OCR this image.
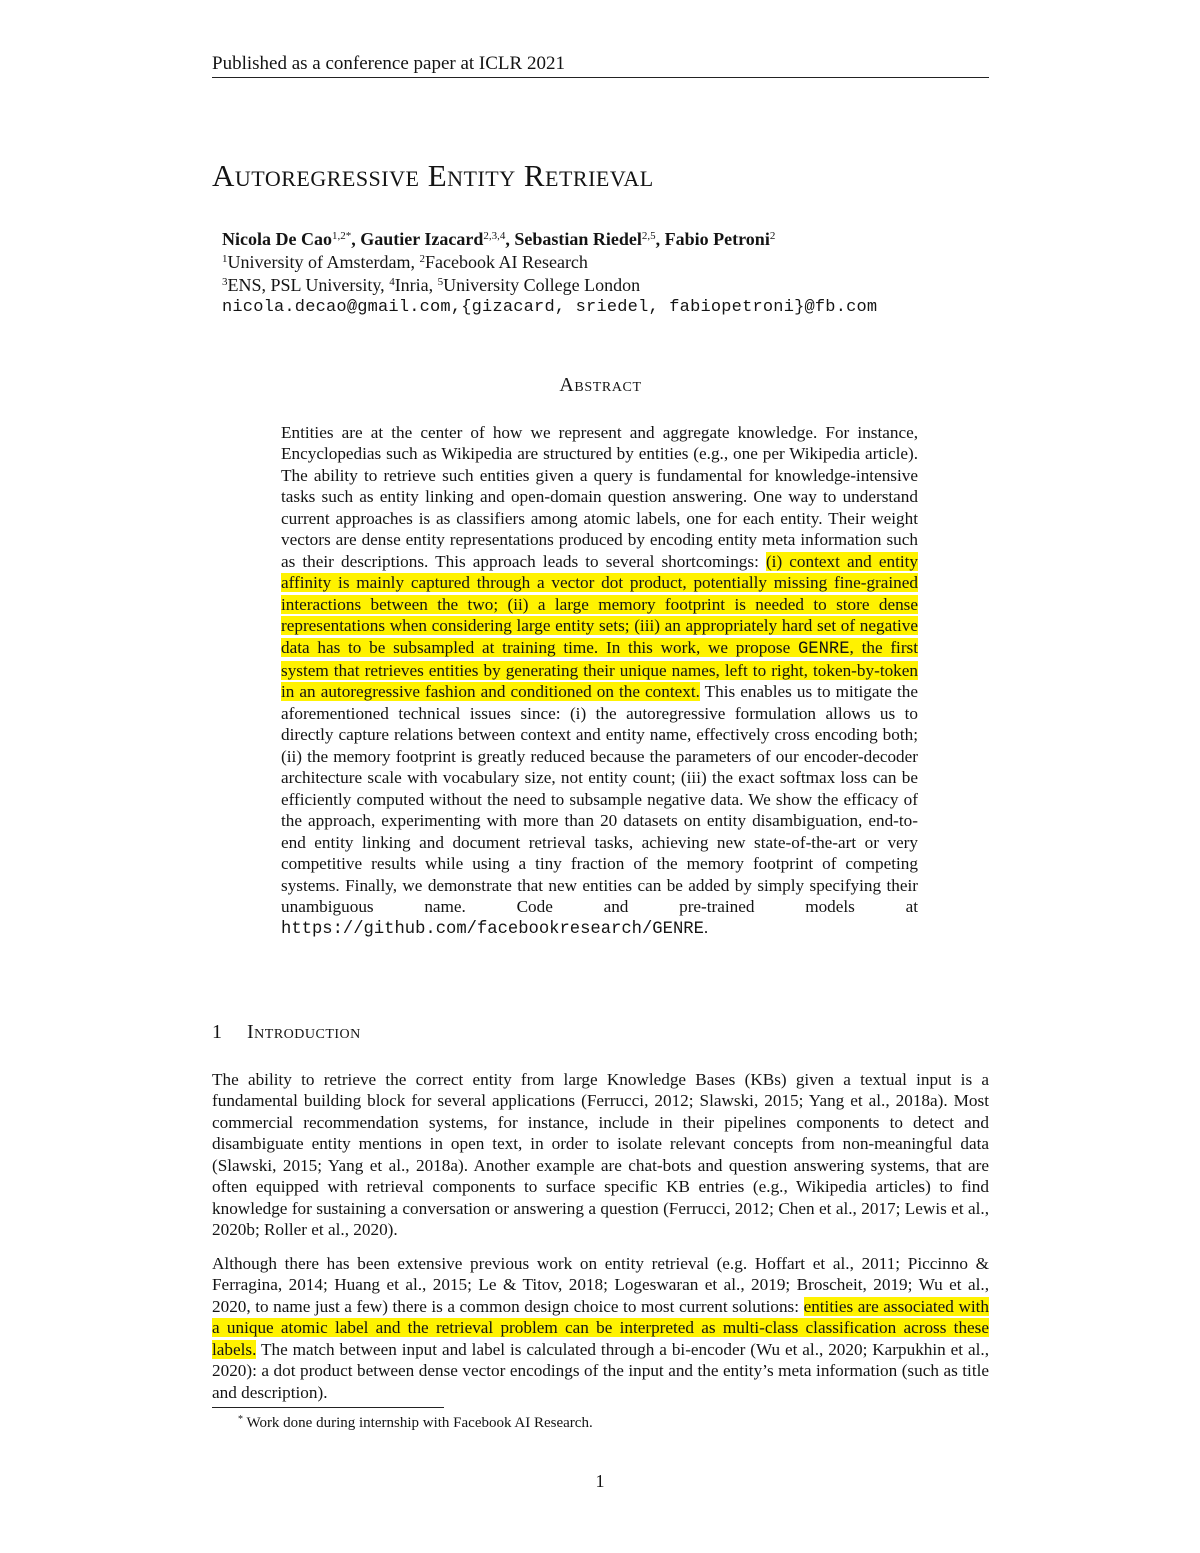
Published as a conference paper at ICLR 2021
Autoregressive Entity Retrieval
Nicola De Cao$^{1,2*}$, Gautier Izacard$^{2,3,4}$, Sebastian Riedel$^{2,5}$, Fabio Petroni$^2$
$^1$University of Amsterdam, $^2$Facebook AI Research
$^3$ENS, PSL University, $^4$Inria, $^5$University College London
nicola.decao@gmail.com,{gizacard, sriedel, fabiopetroni}@fb.com
Abstract
Entities are at the center of how we represent and aggregate knowledge. For instance, Encyclopedias such as Wikipedia are structured by entities (e.g., one per Wikipedia article). The ability to retrieve such entities given a query is fundamental for knowledge-intensive tasks such as entity linking and open-domain question answering. One way to understand current approaches is as classifiers among atomic labels, one for each entity. Their weight vectors are dense entity representations produced by encoding entity meta information such as their descriptions. This approach leads to several shortcomings: (i) context and entity affinity is mainly captured through a vector dot product, potentially missing fine-grained interactions between the two; (ii) a large memory footprint is needed to store dense representations when considering large entity sets; (iii) an appropriately hard set of negative data has to be subsampled at training time. In this work, we propose GENRE, the first system that retrieves entities by generating their unique names, left to right, token-by-token in an autoregressive fashion and conditioned on the context. This enables us to mitigate the aforementioned technical issues since: (i) the autoregressive formulation allows us to directly capture relations between context and entity name, effectively cross encoding both; (ii) the memory footprint is greatly reduced because the parameters of our encoder-decoder architecture scale with vocabulary size, not entity count; (iii) the exact softmax loss can be efficiently computed without the need to subsample negative data. We show the efficacy of the approach, experimenting with more than 20 datasets on entity disambiguation, end-to-end entity linking and document retrieval tasks, achieving new state-of-the-art or very competitive results while using a tiny fraction of the memory footprint of competing systems. Finally, we demonstrate that new entities can be added by simply specifying their unambiguous name. Code and pre-trained models at https://github.com/facebookresearch/GENRE.
1 Introduction
The ability to retrieve the correct entity from large Knowledge Bases (KBs) given a textual input is a fundamental building block for several applications (Ferrucci, 2012; Slawski, 2015; Yang et al., 2018a). Most commercial recommendation systems, for instance, include in their pipelines components to detect and disambiguate entity mentions in open text, in order to isolate relevant concepts from non-meaningful data (Slawski, 2015; Yang et al., 2018a). Another example are chat-bots and question answering systems, that are often equipped with retrieval components to surface specific KB entries (e.g., Wikipedia articles) to find knowledge for sustaining a conversation or answering a question (Ferrucci, 2012; Chen et al., 2017; Lewis et al., 2020b; Roller et al., 2020).
Although there has been extensive previous work on entity retrieval (e.g. Hoffart et al., 2011; Piccinno & Ferragina, 2014; Huang et al., 2015; Le & Titov, 2018; Logeswaran et al., 2019; Broscheit, 2019; Wu et al., 2020, to name just a few) there is a common design choice to most current solutions: entities are associated with a unique atomic label and the retrieval problem can be interpreted as multi-class classification across these labels. The match between input and label is calculated through a bi-encoder (Wu et al., 2020; Karpukhin et al., 2020): a dot product between dense vector encodings of the input and the entity’s meta information (such as title and description).
* Work done during internship with Facebook AI Research.
1
